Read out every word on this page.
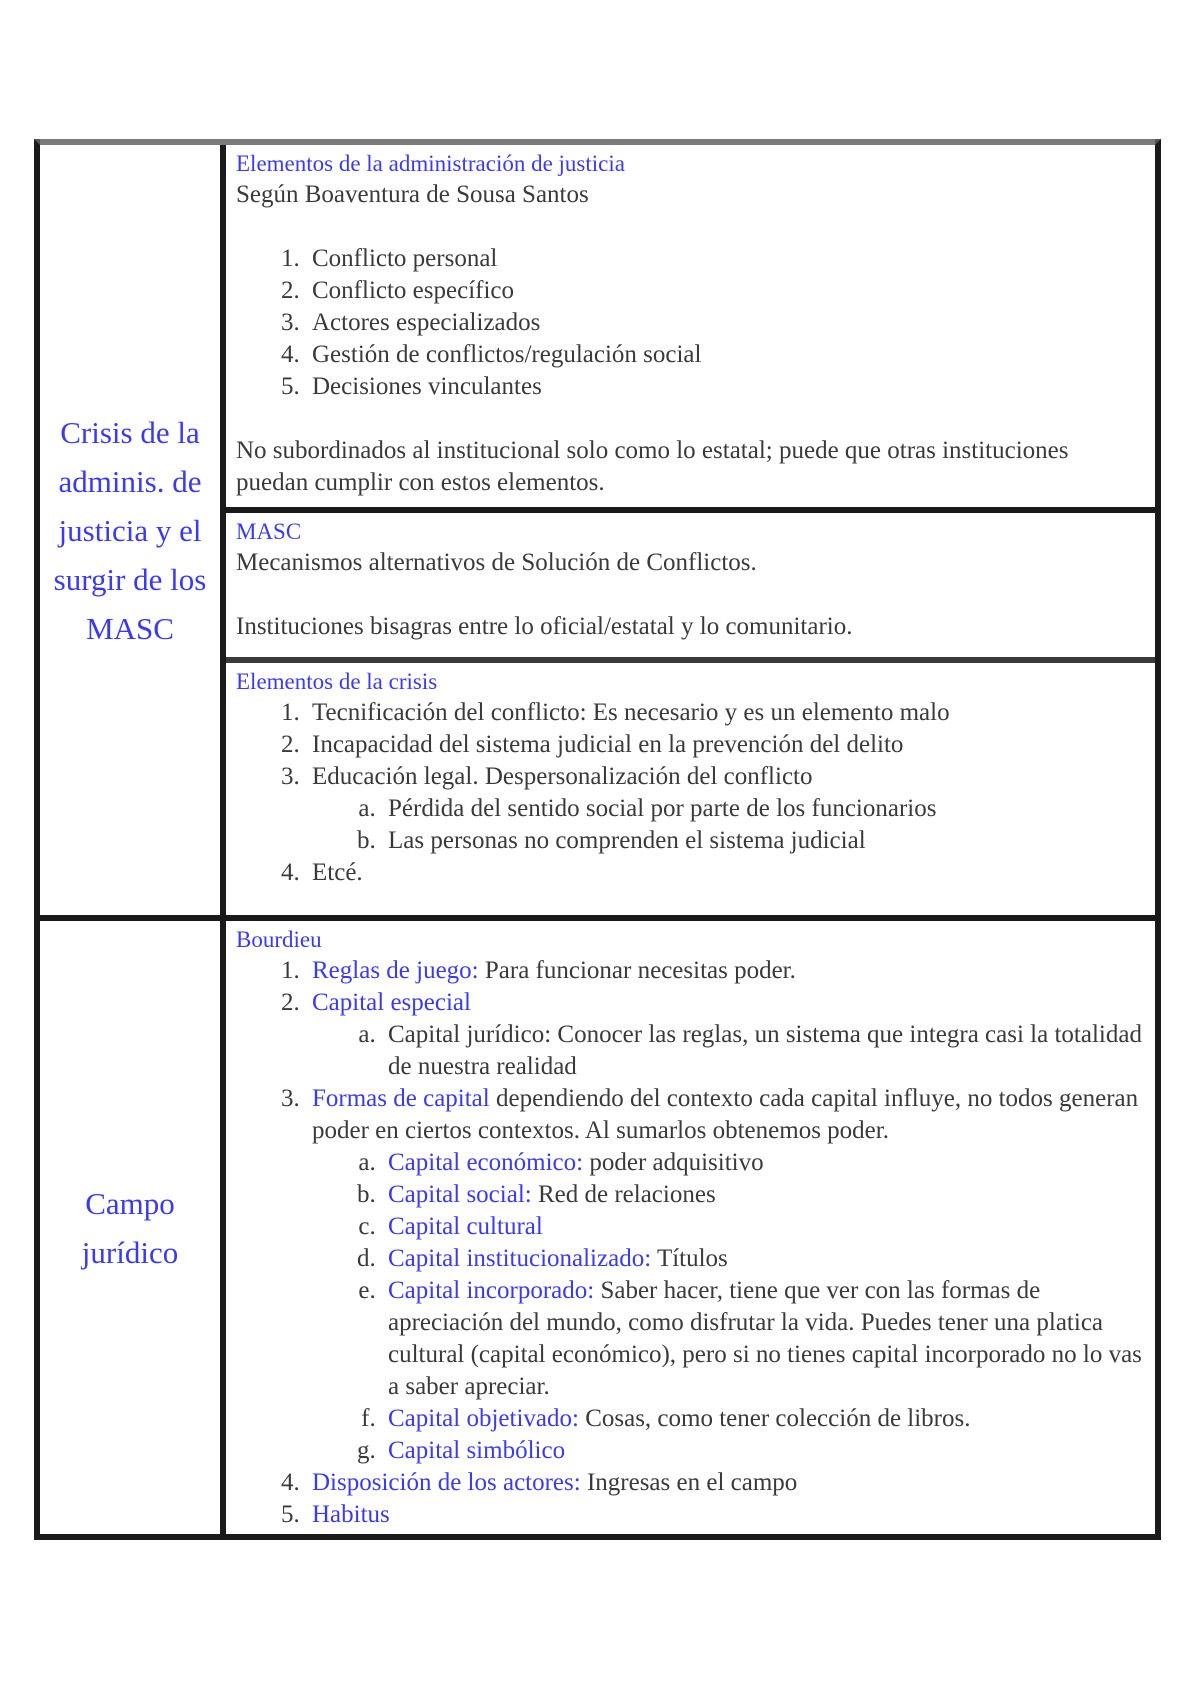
Crisis de la adminis. de justicia y el surgir de los MASC
Elementos de la administración de justicia
Según Boaventura de Sousa Santos
1. Conflicto personal
2. Conflicto específico
3. Actores especializados
4. Gestión de conflictos/regulación social
5. Decisiones vinculantes
No subordinados al institucional solo como lo estatal; puede que otras instituciones puedan cumplir con estos elementos.
MASC
Mecanismos alternativos de Solución de Conflictos.
Instituciones bisagras entre lo oficial/estatal y lo comunitario.
Elementos de la crisis
1. Tecnificación del conflicto: Es necesario y es un elemento malo
2. Incapacidad del sistema judicial en la prevención del delito
3. Educación legal. Despersonalización del conflicto
a. Pérdida del sentido social por parte de los funcionarios
b. Las personas no comprenden el sistema judicial
4. Etcé.
Campo jurídico
Bourdieu
1. Reglas de juego: Para funcionar necesitas poder.
2. Capital especial
a. Capital jurídico: Conocer las reglas, un sistema que integra casi la totalidad de nuestra realidad
3. Formas de capital dependiendo del contexto cada capital influye, no todos generan poder en ciertos contextos. Al sumarlos obtenemos poder.
a. Capital económico: poder adquisitivo
b. Capital social: Red de relaciones
c. Capital cultural
d. Capital institucionalizado: Títulos
e. Capital incorporado: Saber hacer, tiene que ver con las formas de apreciación del mundo, como disfrutar la vida. Puedes tener una platica cultural (capital económico), pero si no tienes capital incorporado no lo vas a saber apreciar.
f. Capital objetivado: Cosas, como tener colección de libros.
g. Capital simbólico
4. Disposición de los actores: Ingresas en el campo
5. Habitus
